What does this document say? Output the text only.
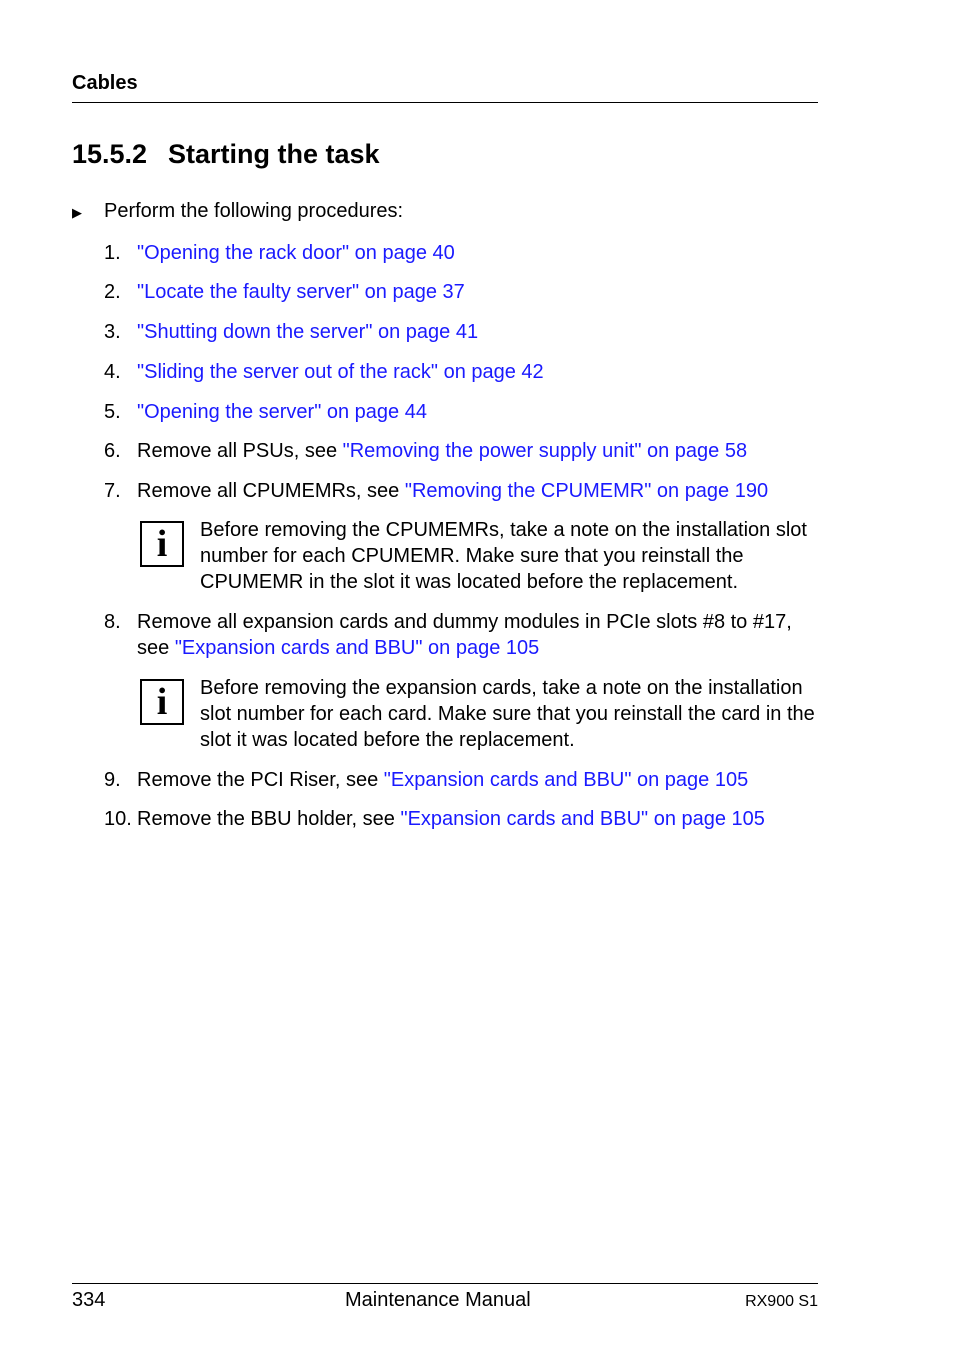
Cables
15.5.2 Starting the task
▶ Perform the following procedures:
1. "Opening the rack door" on page 40
2. "Locate the faulty server" on page 37
3. "Shutting down the server" on page 41
4. "Sliding the server out of the rack" on page 42
5. "Opening the server" on page 44
6. Remove all PSUs, see "Removing the power supply unit" on page 58
7. Remove all CPUMEMRs, see "Removing the CPUMEMR" on page 190
i	Before removing the CPUMEMRs, take a note on the installation slot number for each CPUMEMR. Make sure that you reinstall the CPUMEMR in the slot it was located before the replacement.
8. Remove all expansion cards and dummy modules in PCIe slots #8 to #17, see "Expansion cards and BBU" on page 105
i	Before removing the expansion cards, take a note on the installation slot number for each card. Make sure that you reinstall the card in the slot it was located before the replacement.
9. Remove the PCI Riser, see "Expansion cards and BBU" on page 105
10. Remove the BBU holder, see "Expansion cards and BBU" on page 105
334	Maintenance Manual	RX900 S1
